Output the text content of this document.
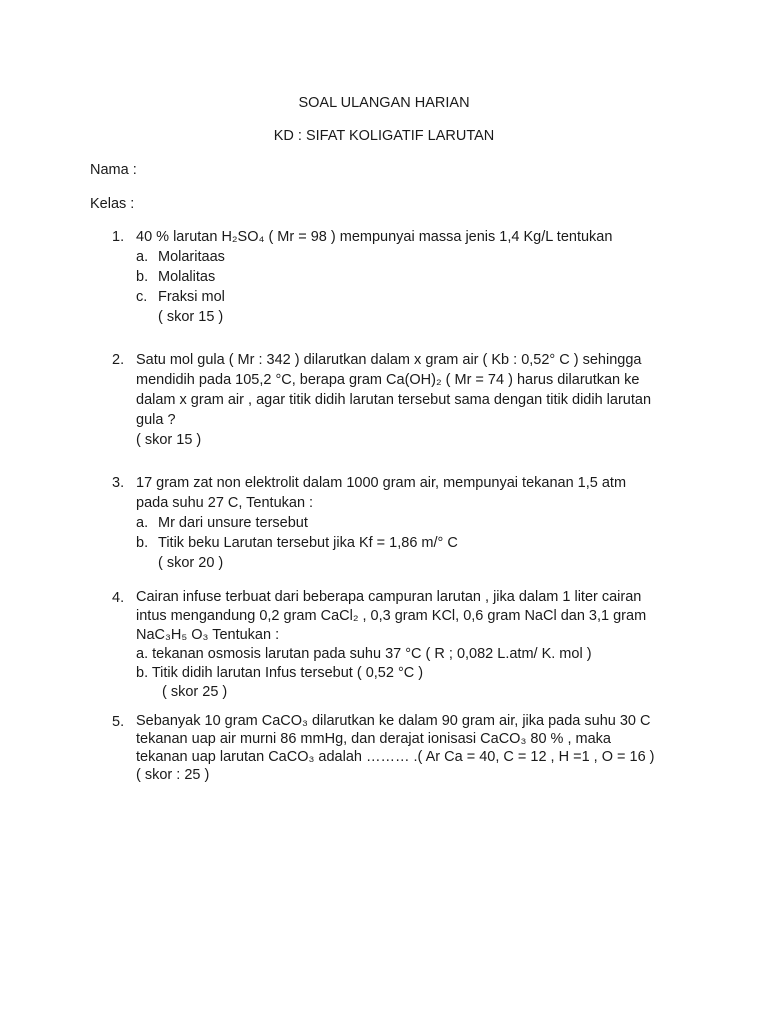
SOAL ULANGAN HARIAN
KD : SIFAT KOLIGATIF LARUTAN
Nama :
Kelas :
1. 40 % larutan H₂SO₄ ( Mr = 98 ) mempunyai massa jenis 1,4 Kg/L tentukan

a. Molaritaas
b. Molalitas
c. Fraksi mol

( skor 15 )

2. Satu mol gula ( Mr : 342 ) dilarutkan dalam x gram air ( Kb : 0,52° C ) sehingga

mendidih pada 105,2 °C, berapa gram Ca(OH)₂ ( Mr = 74 ) harus dilarutkan ke

dalam x gram air , agar titik didih larutan tersebut sama dengan titik didih larutan

gula ?

( skor 15 )

3. 17 gram zat non elektrolit dalam 1000 gram air, mempunyai tekanan 1,5 atm

pada suhu 27 C, Tentukan :

a. Mr dari unsure tersebut
b. Titik beku Larutan tersebut jika Kf = 1,86 m/° C

( skor 20 )

4. Cairan infuse terbuat dari beberapa campuran larutan , jika dalam 1 liter cairan

intus mengandung 0,2 gram CaCl₂ , 0,3 gram KCl, 0,6 gram NaCl dan 3,1 gram

NaC₃H₅ O₃ Tentukan :

a. tekanan osmosis larutan pada suhu 37 °C ( R ; 0,082 L.atm/ K. mol )

b. Titik didih larutan Infus tersebut ( 0,52 °C )

( skor 25 )

5. Sebanyak 10 gram CaCO₃ dilarutkan ke dalam 90 gram air, jika pada suhu 30 C

tekanan uap air murni 86 mmHg, dan derajat ionisasi CaCO₃ 80 % , maka

tekanan uap larutan CaCO₃ adalah ……… .( Ar Ca = 40, C = 12 , H =1 , O = 16 )

( skor : 25 )
